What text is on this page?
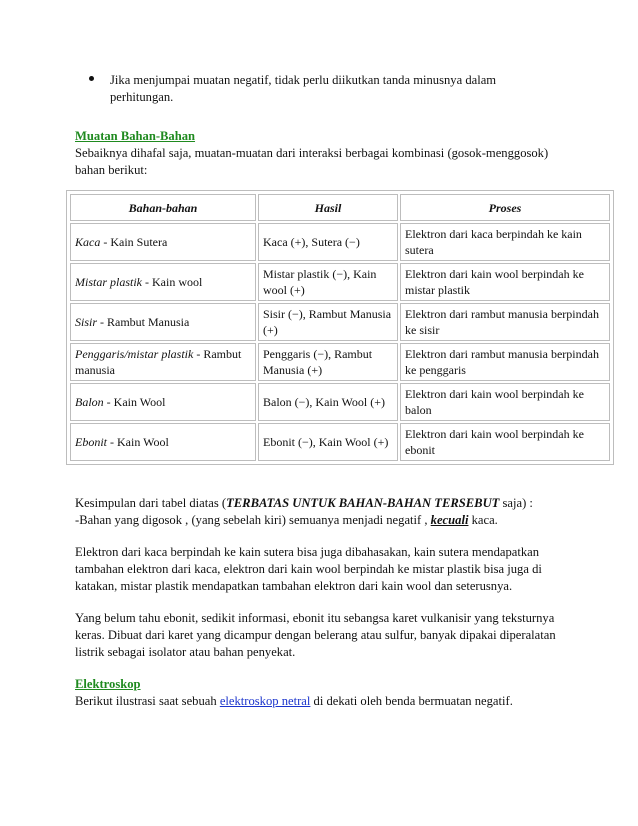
Jika menjumpai muatan negatif, tidak perlu diikutkan tanda minusnya dalam perhitungan.
Muatan Bahan-Bahan
Sebaiknya dihafal saja, muatan-muatan dari interaksi berbagai kombinasi (gosok-menggosok) bahan berikut:
Bahan-bahan	Hasil	Proses
Kaca - Kain Sutera	Kaca (+), Sutera (−)	Elektron dari kaca berpindah ke kain sutera
Mistar plastik - Kain wool	Mistar plastik (−), Kain wool (+)	Elektron dari kain wool berpindah ke mistar plastik
Sisir - Rambut Manusia	Sisir (−), Rambut Manusia (+)	Elektron dari rambut manusia berpindah ke sisir
Penggaris/mistar plastik - Rambut manusia	Penggaris (−), Rambut Manusia (+)	Elektron dari rambut manusia berpindah ke penggaris
Balon - Kain Wool	Balon (−), Kain Wool (+)	Elektron dari kain wool berpindah ke balon
Ebonit - Kain Wool	Ebonit (−), Kain Wool (+)	Elektron dari kain wool berpindah ke ebonit

Kesimpulan dari tabel diatas (TERBATAS UNTUK BAHAN-BAHAN TERSEBUT saja) :
-Bahan yang digosok , (yang sebelah kiri) semuanya menjadi negatif , kecuali kaca.

Elektron dari kaca berpindah ke kain sutera bisa juga dibahasakan, kain sutera mendapatkan tambahan elektron dari kaca, elektron dari kain wool berpindah ke mistar plastik bisa juga di katakan, mistar plastik mendapatkan tambahan elektron dari kain wool dan seterusnya.

Yang belum tahu ebonit, sedikit informasi, ebonit itu sebangsa karet vulkanisir yang teksturnya keras. Dibuat dari karet yang dicampur dengan belerang atau sulfur, banyak dipakai diperalatan listrik sebagai isolator atau bahan penyekat.

Elektroskop
Berikut ilustrasi saat sebuah elektroskop netral di dekati oleh benda bermuatan negatif.
